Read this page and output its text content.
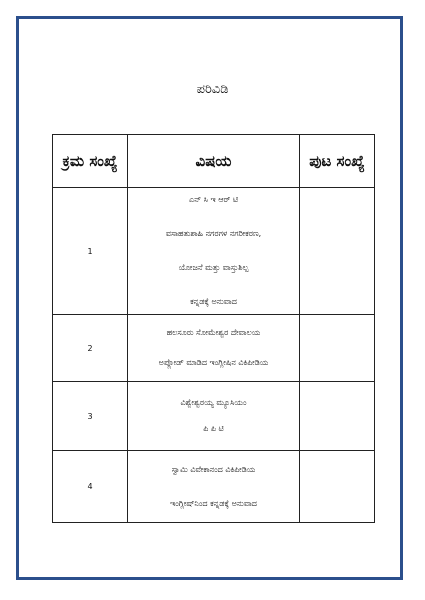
ಪರಿವಿಡಿ
ಕ್ರಮ ಸಂಖ್ಯೆ	ವಿಷಯ	ಪುಟ ಸಂಖ್ಯೆ
1	ಎನ್ ಸಿ ಇ ಆರ್ ಟಿ
ವಸಾಹತುಶಾಹಿ ನಗರಗಳ ನಗರೀಕರಣ,
ಯೋಜನೆ ಮತ್ತು ವಾಸ್ತುಶಿಲ್ಪ
ಕನ್ನಡಕ್ಕೆ ಅನುವಾದ	

2	ಹಲಸೂರು ಸೋಮೇಶ್ವರ ದೇವಾಲಯ
ಅಪ್ಲೋಡ್ ಮಾಡಿದ ಇಂಗ್ಲೀಷಿನ ವಿಕಿಪೀಡಿಯ	

3	ವಿಶ್ವೇಶ್ವರಯ್ಯ ಮ್ಯೂಸಿಯಂ
ಪಿ ಪಿ ಟಿ	

4	ಸ್ವಾಮಿ ವಿವೇಕಾನಂದ ವಿಕಿಪೀಡಿಯ
ಇಂಗ್ಲೀಷ್‌ನಿಂದ ಕನ್ನಡಕ್ಕೆ ಅನುವಾದ	
